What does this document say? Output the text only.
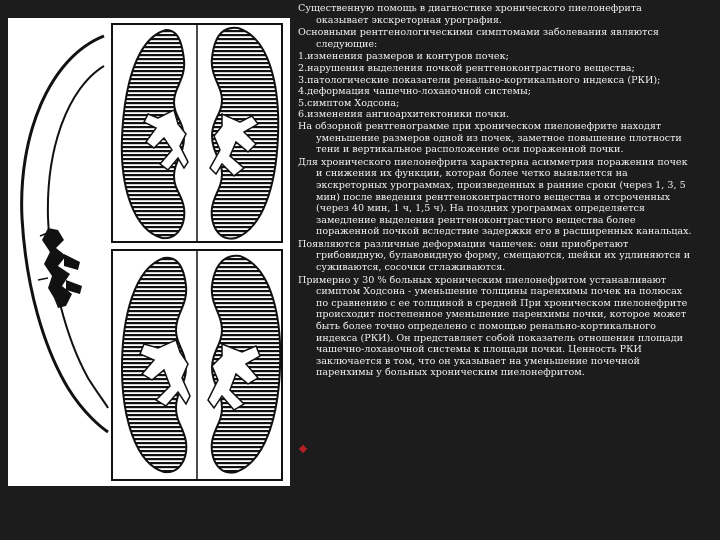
Существенную помощь в диагностике хронического пиелонефрита оказывает экскреторная урография.

Основными рентгенологическими симптомами заболевания являются следующие:

1.изменения размеров и контуров почек;

2.нарушения выделения почкой рентгеноконтрастного вещества;

3.патологические показатели ренально-кортикального индекса (РКИ);

4.деформация чашечно-лоханочной системы;

5.симптом Ходсона;

6.изменения ангиоархитектоники почки.

На обзорной рентгенограмме при хроническом пиелонефрите находят уменьшение размеров одной из почек, заметное повышение плотности тени и вертикальное расположение оси пораженной почки.

Для хронического пиелонефрита характерна асимметрия поражения почек и снижения их функции, которая более четко выявляется на экскреторных урограммах, произведенных в ранние сроки (через 1, 3, 5 мин) после введения рентгеноконтрастного вещества и отсроченных (через 40 мин, 1 ч, 1,5 ч). На поздних урограммах определяется замедление выделения рентгеноконтрастного вещества более пораженной почкой вследствие задержки его в расширенных канальцах.

Появляются различные деформации чашечек: они приобретают грибовидную, булавовидную форму, смещаются, шейки их удлиняются и суживаются, сосочки сглаживаются.

Примерно у 30 % больных хроническим пиелонефритом устанавливают симптом Ходсона - уменьшение толщины паренхимы почек на полюсах по сравнению с ее толщиной в средней При хроническом пиелонефрите происходит постепенное уменьшение паренхимы почки, которое может быть более точно определено с помощью ренально-кортикального индекса (РКИ). Он представляет собой показатель отношения площади чашечно-лоханочной системы к площади почки. Ценность РКИ заключается в том, что он указывает на уменьшение почечной паренхимы у больных хроническим пиелонефритом.
